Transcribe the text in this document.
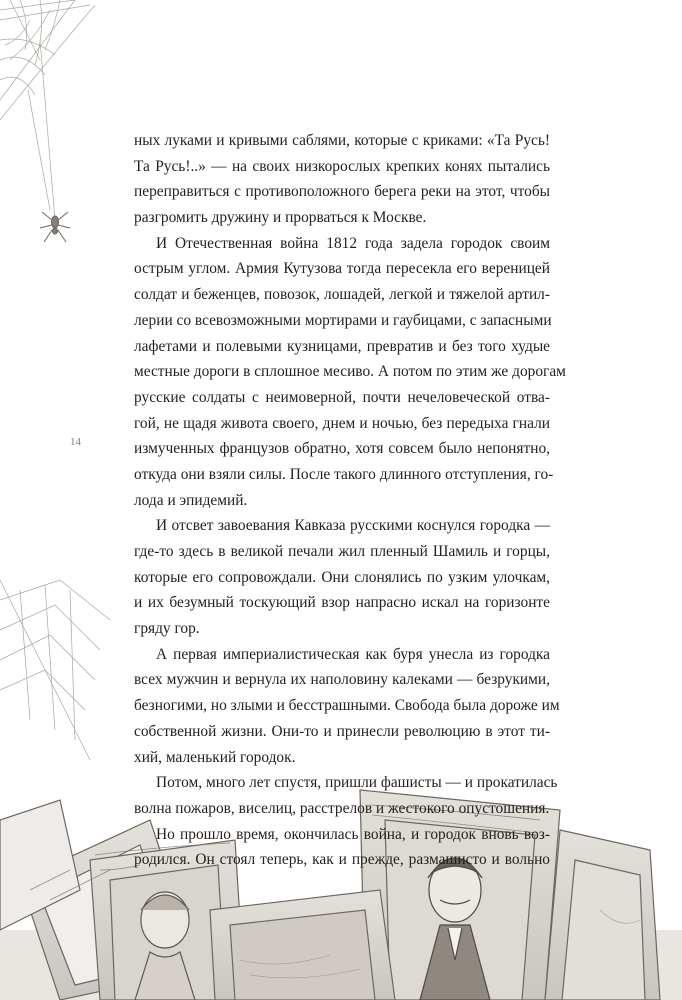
14
ных луками и кривыми саблями, которые с криками: «Та Русь!
Та Русь!..» — на своих низкорослых крепких конях пытались
переправиться с противоположного берега реки на этот, чтобы
разгромить дружину и прорваться к Москве.
И Отечественная война 1812 года задела городок своим
острым углом. Армия Кутузова тогда пересекла его вереницей
солдат и беженцев, повозок, лошадей, легкой и тяжелой артил-
лерии со всевозможными мортирами и гаубицами, с запасными
лафетами и полевыми кузницами, превратив и без того худые
местные дороги в сплошное месиво. А потом по этим же дорогам
русские солдаты с неимоверной, почти нечеловеческой отва-
гой, не щадя живота своего, днем и ночью, без передыха гнали
измученных французов обратно, хотя совсем было непонятно,
откуда они взяли силы. После такого длинного отступления, го-
лода и эпидемий.
И отсвет завоевания Кавказа русскими коснулся городка —
где-то здесь в великой печали жил пленный Шамиль и горцы,
которые его сопровождали. Они слонялись по узким улочкам,
и их безумный тоскующий взор напрасно искал на горизонте
гряду гор.
А первая империалистическая как буря унесла из городка
всех мужчин и вернула их наполовину калеками — безрукими,
безногими, но злыми и бесстрашными. Свобода была дороже им
собственной жизни. Они-то и принесли революцию в этот ти-
хий, маленький городок.
Потом, много лет спустя, пришли фашисты — и прокатилась
волна пожаров, виселиц, расстрелов и жестокого опустошения.
Но прошло время, окончилась война, и городок вновь воз-
родился. Он стоял теперь, как и прежде, размашисто и вольно
